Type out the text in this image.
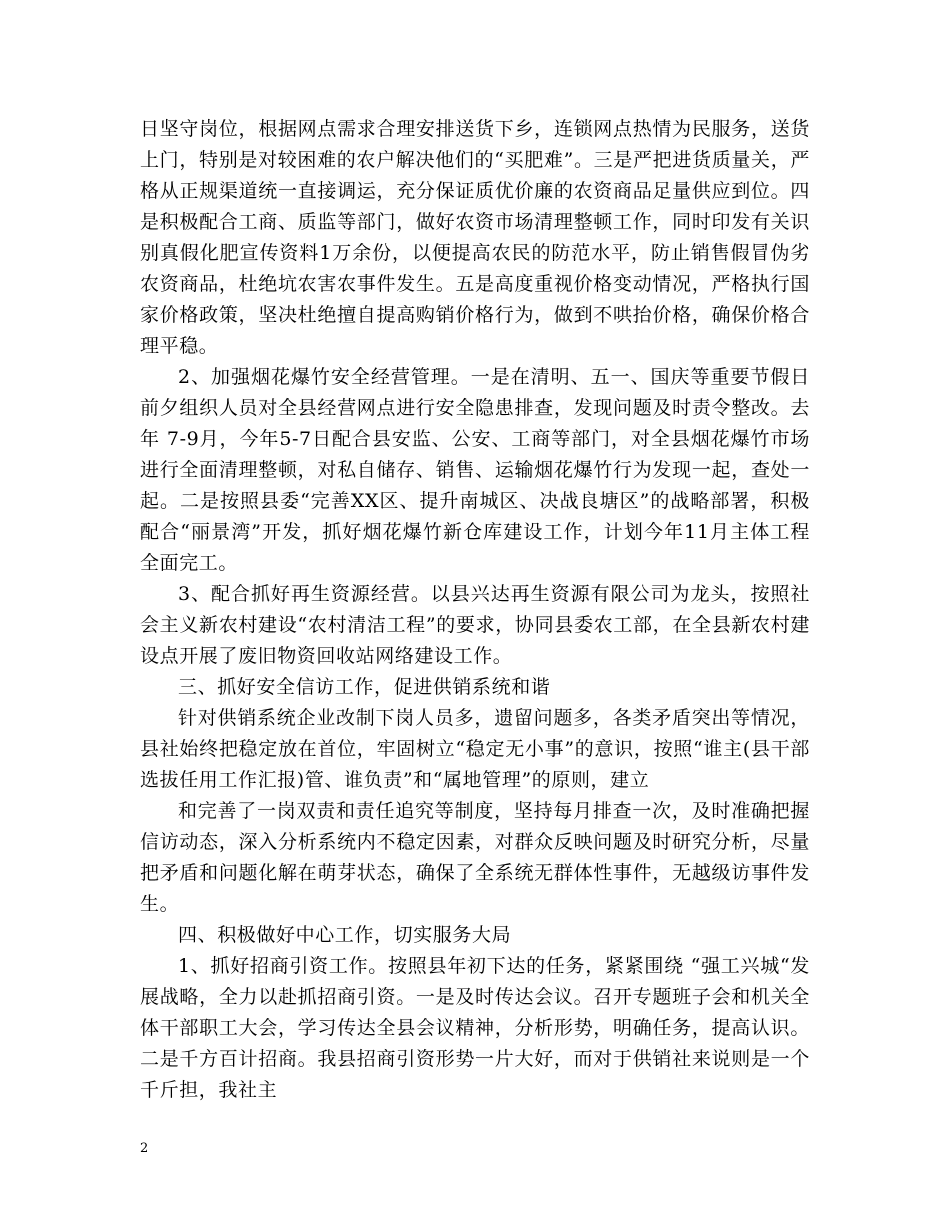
日坚守岗位，根据网点需求合理安排送货下乡，连锁网点热情为民服务，送货上门，特别是对较困难的农户解决他们的“买肥难”。三是严把进货质量关，严格从正规渠道统一直接调运，充分保证质优价廉的农资商品足量供应到位。四是积极配合工商、质监等部门，做好农资市场清理整顿工作，同时印发有关识别真假化肥宣传资料1万余份，以便提高农民的防范水平，防止销售假冒伪劣农资商品，杜绝坑农害农事件发生。五是高度重视价格变动情况，严格执行国家价格政策，坚决杜绝擅自提高购销价格行为，做到不哄抬价格，确保价格合理平稳。

2、加强烟花爆竹安全经营管理。一是在清明、五一、国庆等重要节假日前夕组织人员对全县经营网点进行安全隐患排查，发现问题及时责令整改。去年 7-9月，今年5-7日配合县安监、公安、工商等部门，对全县烟花爆竹市场进行全面清理整顿，对私自储存、销售、运输烟花爆竹行为发现一起，查处一起。二是按照县委“完善XX区、提升南城区、决战良塘区”的战略部署，积极配合“丽景湾”开发，抓好烟花爆竹新仓库建设工作，计划今年11月主体工程全面完工。

3、配合抓好再生资源经营。以县兴达再生资源有限公司为龙头，按照社会主义新农村建设“农村清洁工程”的要求，协同县委农工部，在全县新农村建设点开展了废旧物资回收站网络建设工作。

三、抓好安全信访工作，促进供销系统和谐

针对供销系统企业改制下岗人员多，遗留问题多，各类矛盾突出等情况，县社始终把稳定放在首位，牢固树立“稳定无小事”的意识，按照“谁主(县干部选拔任用工作汇报)管、谁负责”和“属地管理”的原则，建立

和完善了一岗双责和责任追究等制度，坚持每月排查一次，及时准确把握信访动态，深入分析系统内不稳定因素，对群众反映问题及时研究分析，尽量把矛盾和问题化解在萌芽状态，确保了全系统无群体性事件，无越级访事件发生。

四、积极做好中心工作，切实服务大局

1、抓好招商引资工作。按照县年初下达的任务，紧紧围绕 “强工兴城“发展战略，全力以赴抓招商引资。一是及时传达会议。召开专题班子会和机关全体干部职工大会，学习传达全县会议精神，分析形势，明确任务，提高认识。二是千方百计招商。我县招商引资形势一片大好，而对于供销社来说则是一个千斤担，我社主

2
